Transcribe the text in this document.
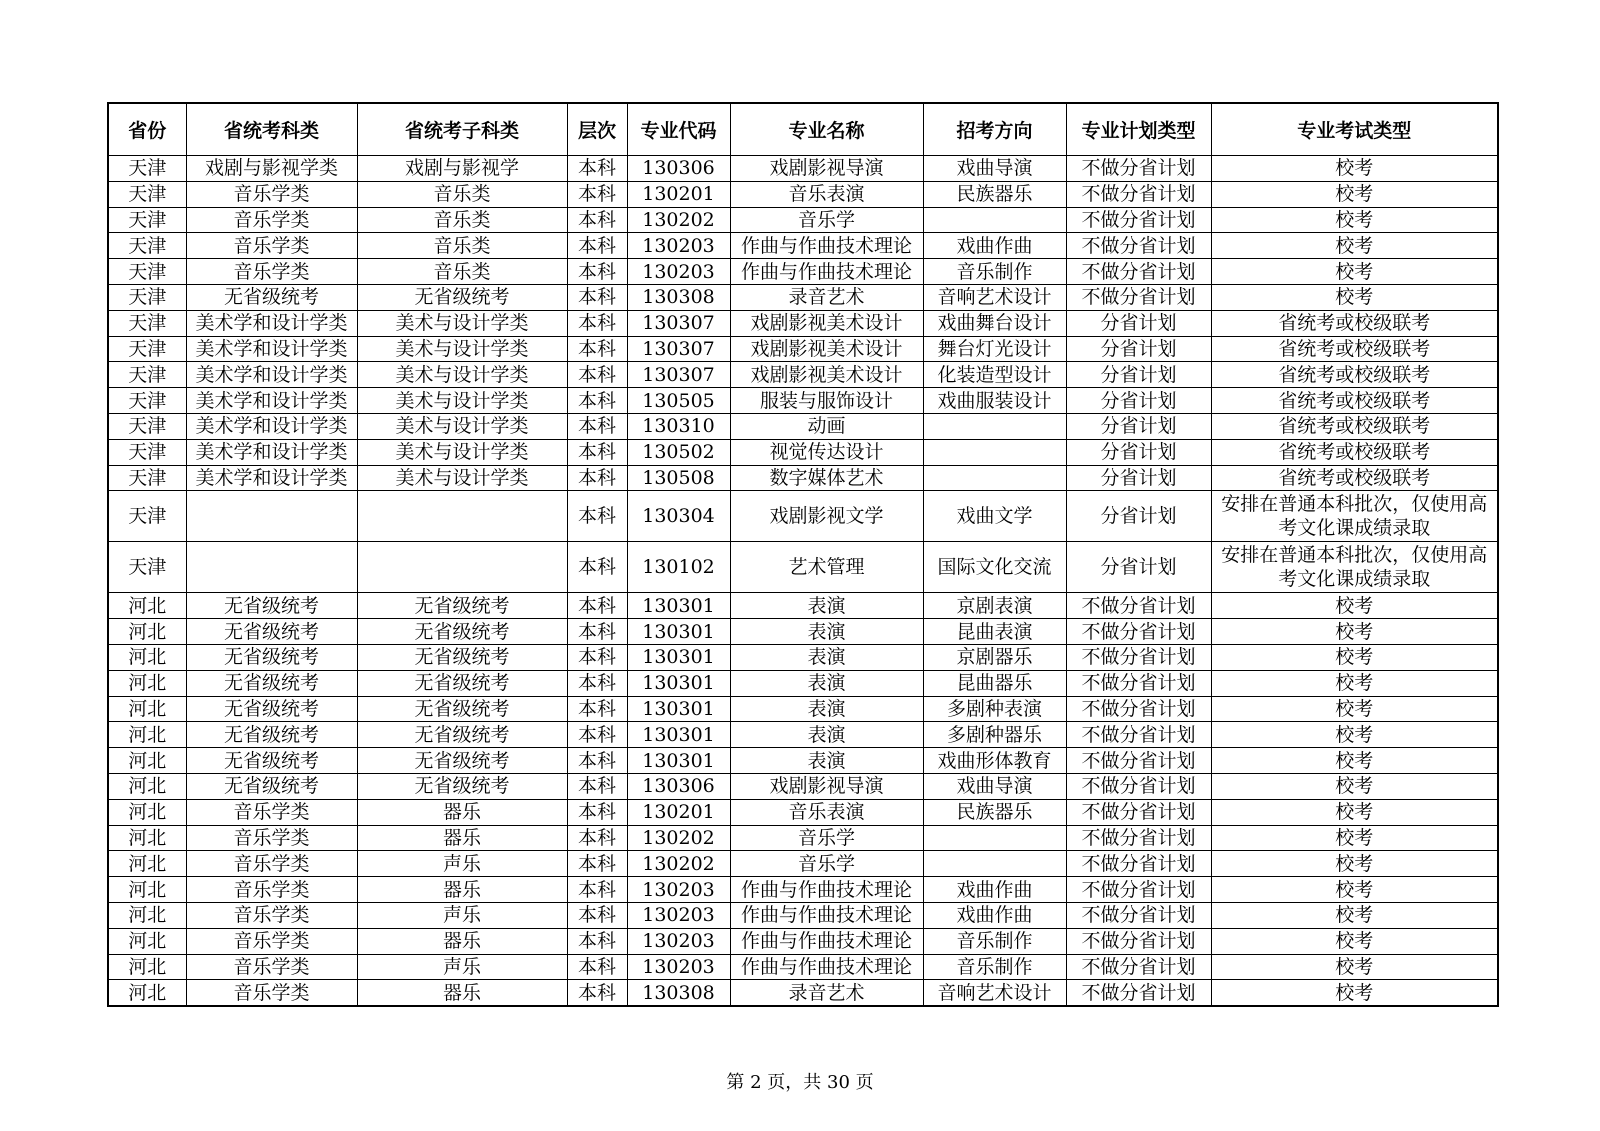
省份	省统考科类	省统考子科类	层次	专业代码	专业名称	招考方向	专业计划类型	专业考试类型
天津	戏剧与影视学类	戏剧与影视学	本科	130306	戏剧影视导演	戏曲导演	不做分省计划	校考
天津	音乐学类	音乐类	本科	130201	音乐表演	民族器乐	不做分省计划	校考
天津	音乐学类	音乐类	本科	130202	音乐学		不做分省计划	校考
天津	音乐学类	音乐类	本科	130203	作曲与作曲技术理论	戏曲作曲	不做分省计划	校考
天津	音乐学类	音乐类	本科	130203	作曲与作曲技术理论	音乐制作	不做分省计划	校考
天津	无省级统考	无省级统考	本科	130308	录音艺术	音响艺术设计	不做分省计划	校考
天津	美术学和设计学类	美术与设计学类	本科	130307	戏剧影视美术设计	戏曲舞台设计	分省计划	省统考或校级联考
天津	美术学和设计学类	美术与设计学类	本科	130307	戏剧影视美术设计	舞台灯光设计	分省计划	省统考或校级联考
天津	美术学和设计学类	美术与设计学类	本科	130307	戏剧影视美术设计	化装造型设计	分省计划	省统考或校级联考
天津	美术学和设计学类	美术与设计学类	本科	130505	服装与服饰设计	戏曲服装设计	分省计划	省统考或校级联考
天津	美术学和设计学类	美术与设计学类	本科	130310	动画		分省计划	省统考或校级联考
天津	美术学和设计学类	美术与设计学类	本科	130502	视觉传达设计		分省计划	省统考或校级联考
天津	美术学和设计学类	美术与设计学类	本科	130508	数字媒体艺术		分省计划	省统考或校级联考
天津			本科	130304	戏剧影视文学	戏曲文学	分省计划	安排在普通本科批次，仅使用高考文化课成绩录取
天津			本科	130102	艺术管理	国际文化交流	分省计划	安排在普通本科批次，仅使用高考文化课成绩录取
河北	无省级统考	无省级统考	本科	130301	表演	京剧表演	不做分省计划	校考
河北	无省级统考	无省级统考	本科	130301	表演	昆曲表演	不做分省计划	校考
河北	无省级统考	无省级统考	本科	130301	表演	京剧器乐	不做分省计划	校考
河北	无省级统考	无省级统考	本科	130301	表演	昆曲器乐	不做分省计划	校考
河北	无省级统考	无省级统考	本科	130301	表演	多剧种表演	不做分省计划	校考
河北	无省级统考	无省级统考	本科	130301	表演	多剧种器乐	不做分省计划	校考
河北	无省级统考	无省级统考	本科	130301	表演	戏曲形体教育	不做分省计划	校考
河北	无省级统考	无省级统考	本科	130306	戏剧影视导演	戏曲导演	不做分省计划	校考
河北	音乐学类	器乐	本科	130201	音乐表演	民族器乐	不做分省计划	校考
河北	音乐学类	器乐	本科	130202	音乐学		不做分省计划	校考
河北	音乐学类	声乐	本科	130202	音乐学		不做分省计划	校考
河北	音乐学类	器乐	本科	130203	作曲与作曲技术理论	戏曲作曲	不做分省计划	校考
河北	音乐学类	声乐	本科	130203	作曲与作曲技术理论	戏曲作曲	不做分省计划	校考
河北	音乐学类	器乐	本科	130203	作曲与作曲技术理论	音乐制作	不做分省计划	校考
河北	音乐学类	声乐	本科	130203	作曲与作曲技术理论	音乐制作	不做分省计划	校考
河北	音乐学类	器乐	本科	130308	录音艺术	音响艺术设计	不做分省计划	校考
第 2 页，共 30 页
